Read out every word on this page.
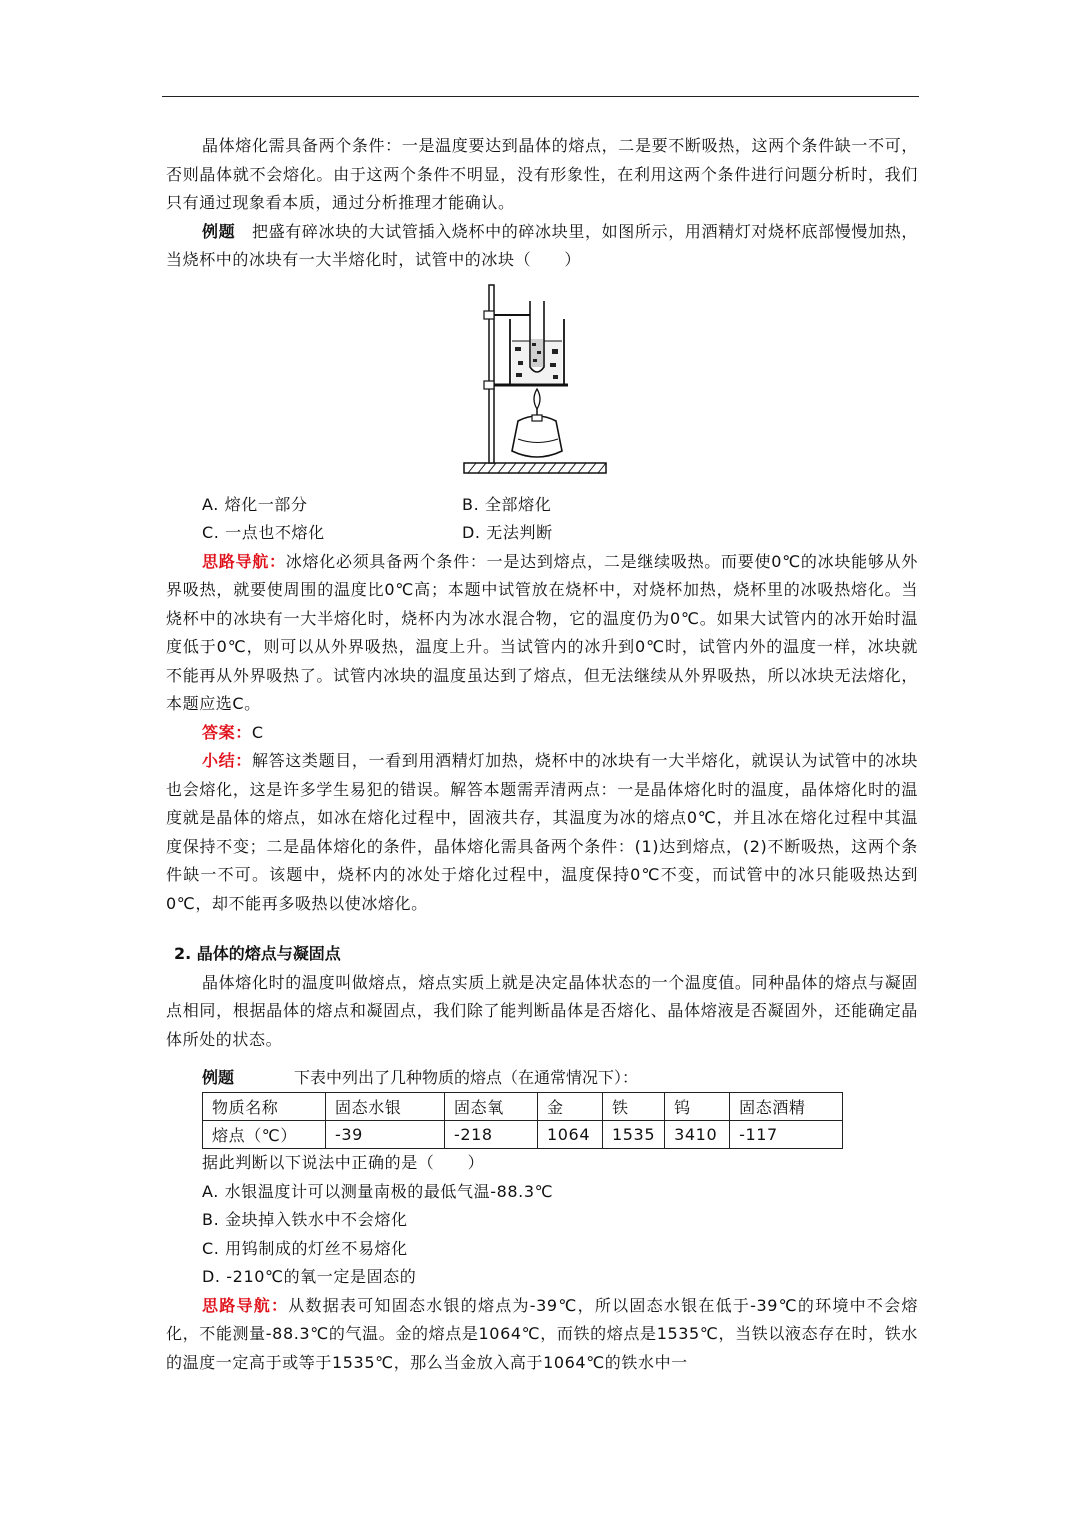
晶体熔化需具备两个条件：一是温度要达到晶体的熔点，二是要不断吸热，这两个条件缺一不可，否则晶体就不会熔化。由于这两个条件不明显，没有形象性，在利用这两个条件进行问题分析时，我们只有通过现象看本质，通过分析推理才能确认。

例题　 把盛有碎冰块的大试管插入烧杯中的碎冰块里，如图所示，用酒精灯对烧杯底部慢慢加热，当烧杯中的冰块有一大半熔化时，试管中的冰块（　　）

A. 熔化一部分	B. 全部熔化
C. 一点也不熔化	D. 无法判断

思路导航：冰熔化必须具备两个条件：一是达到熔点，二是继续吸热。而要使0℃的冰块能够从外界吸热，就要使周围的温度比0℃高；本题中试管放在烧杯中，对烧杯加热，烧杯里的冰吸热熔化。当烧杯中的冰块有一大半熔化时，烧杯内为冰水混合物，它的温度仍为0℃。如果大试管内的冰开始时温度低于0℃，则可以从外界吸热，温度上升。当试管内的冰升到0℃时，试管内外的温度一样，冰块就不能再从外界吸热了。试管内冰块的温度虽达到了熔点，但无法继续从外界吸热，所以冰块无法熔化，本题应选C。

答案：C

小结：解答这类题目，一看到用酒精灯加热，烧杯中的冰块有一大半熔化，就误认为试管中的冰块也会熔化，这是许多学生易犯的错误。解答本题需弄清两点：一是晶体熔化时的温度，晶体熔化时的温度就是晶体的熔点，如冰在熔化过程中，固液共存，其温度为冰的熔点0℃，并且冰在熔化过程中其温度保持不变；二是晶体熔化的条件，晶体熔化需具备两个条件：(1)达到熔点，(2)不断吸热，这两个条件缺一不可。该题中，烧杯内的冰处于熔化过程中，温度保持0℃不变，而试管中的冰只能吸热达到0℃，却不能再多吸热以使冰熔化。

2. 晶体的熔点与凝固点

晶体熔化时的温度叫做熔点，熔点实质上就是决定晶体状态的一个温度值。同种晶体的熔点与凝固点相同，根据晶体的熔点和凝固点，我们除了能判断晶体是否熔化、晶体熔液是否凝固外，还能确定晶体所处的状态。

例题	下表中列出了几种物质的熔点（在通常情况下）：
物质名称	固态水银	固态氧	金	铁	钨	固态酒精
熔点（℃）	-39	-218	1064	1535	3410	-117

据此判断以下说法中正确的是（　　）

A. 水银温度计可以测量南极的最低气温-88.3℃

B. 金块掉入铁水中不会熔化

C. 用钨制成的灯丝不易熔化

D. -210℃的氧一定是固态的

思路导航：从数据表可知固态水银的熔点为-39℃，所以固态水银在低于-39℃的环境中不会熔化，不能测量-88.3℃的气温。金的熔点是1064℃，而铁的熔点是1535℃，当铁以液态存在时，铁水的温度一定高于或等于1535℃，那么当金放入高于1064℃的铁水中一
